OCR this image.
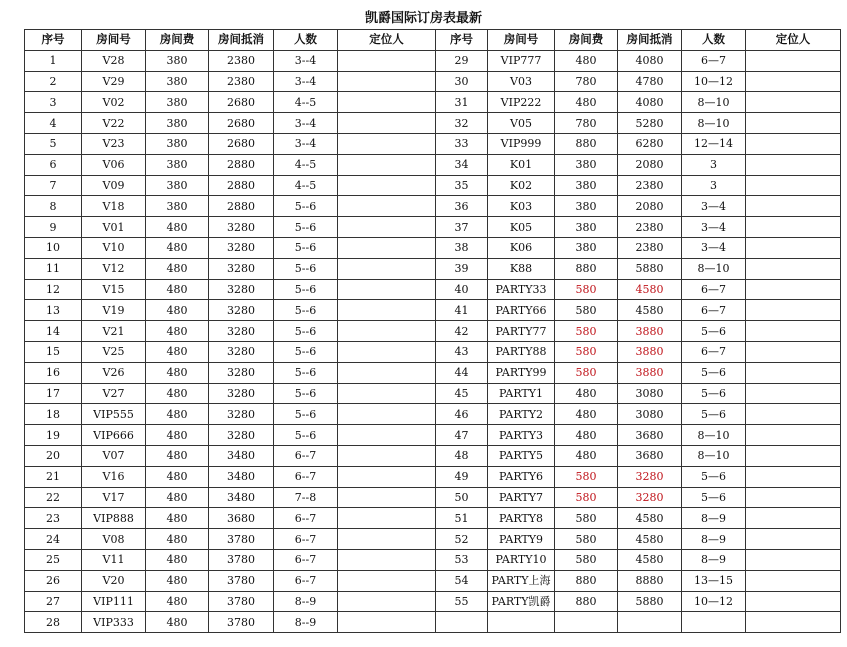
凯爵国际订房表最新
序号	房间号	房间费	房间抵消	人数	定位人	序号	房间号	房间费	房间抵消	人数	定位人
1	V28	380	2380	3--4		29	VIP777	480	4080	6—7	
2	V29	380	2380	3--4		30	V03	780	4780	10—12	
3	V02	380	2680	4--5		31	VIP222	480	4080	8—10	
4	V22	380	2680	3--4		32	V05	780	5280	8—10	
5	V23	380	2680	3--4		33	VIP999	880	6280	12—14	
6	V06	380	2880	4--5		34	K01	380	2080	3	
7	V09	380	2880	4--5		35	K02	380	2380	3	
8	V18	380	2880	5--6		36	K03	380	2080	3—4	
9	V01	480	3280	5--6		37	K05	380	2380	3—4	
10	V10	480	3280	5--6		38	K06	380	2380	3—4	
11	V12	480	3280	5--6		39	K88	880	5880	8—10	
12	V15	480	3280	5--6		40	PARTY33	580	4580	6—7	
13	V19	480	3280	5--6		41	PARTY66	580	4580	6—7	
14	V21	480	3280	5--6		42	PARTY77	580	3880	5—6	
15	V25	480	3280	5--6		43	PARTY88	580	3880	6—7	
16	V26	480	3280	5--6		44	PARTY99	580	3880	5—6	
17	V27	480	3280	5--6		45	PARTY1	480	3080	5—6	
18	VIP555	480	3280	5--6		46	PARTY2	480	3080	5—6	
19	VIP666	480	3280	5--6		47	PARTY3	480	3680	8—10	
20	V07	480	3480	6--7		48	PARTY5	480	3680	8—10	
21	V16	480	3480	6--7		49	PARTY6	580	3280	5—6	
22	V17	480	3480	7--8		50	PARTY7	580	3280	5—6	
23	VIP888	480	3680	6--7		51	PARTY8	580	4580	8—9	
24	V08	480	3780	6--7		52	PARTY9	580	4580	8—9	
25	V11	480	3780	6--7		53	PARTY10	580	4580	8—9	
26	V20	480	3780	6--7		54	PARTY上海	880	8880	13—15	
27	VIP111	480	3780	8--9		55	PARTY凯爵	880	5880	10—12	
28	VIP333	480	3780	8--9							
